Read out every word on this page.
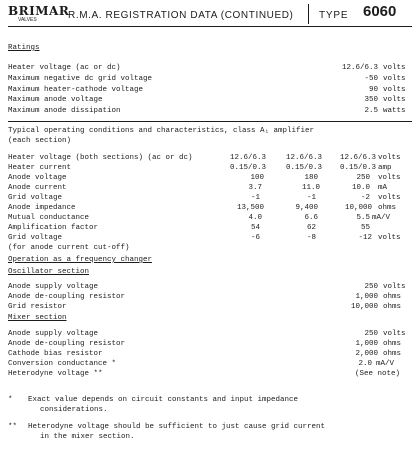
BRIMAR
VALVES	R.M.A. REGISTRATION DATA (CONTINUED)	TYPE 6060
Ratings
Heater voltage (ac or dc)
Maximum negative dc grid voltage
Maximum heater-cathode voltage
Maximum anode voltage
Maximum anode dissipation
12.6/6.3
-50
90
350
2.5
volts
volts
volts
volts
watts
Typical operating conditions and characteristics, class A₁ amplifier
(each section)
Heater voltage (both sections) (ac or dc)
Heater current
Anode voltage
Anode current
Grid voltage
Anode impedance
Mutual conductance
Amplification factor
Grid voltage
(for anode current cut-off)
12.6/6.3
0.15/0.3
100
3.7
-1
13,500
4.0
54
-6
12.6/6.3
0.15/0.3
180
11.0
-1
9,400
6.6
62
-8
12.6/6.3
0.15/0.3
250
10.0
-2
10,000
5.5
55
-12
volts
amp
volts
mA
volts
ohms
mA/V
volts
Operation as a frequency changer
Oscillator section
Anode supply voltage
Anode de-coupling resistor
Grid resistor
250
1,000
10,000
volts
ohms
ohms
Mixer section
Anode supply voltage
Anode de-coupling resistor
Cathode bias resistor
Conversion conductance *
Heterodyne voltage **
250
1,000
2,000
2.0
(See note)
volts
ohms
ohms
mA/V
* Exact value depends on circuit constants and input impedance
considerations.
** Heterodyne voltage should be sufficient to just cause grid current
in the mixer section.
